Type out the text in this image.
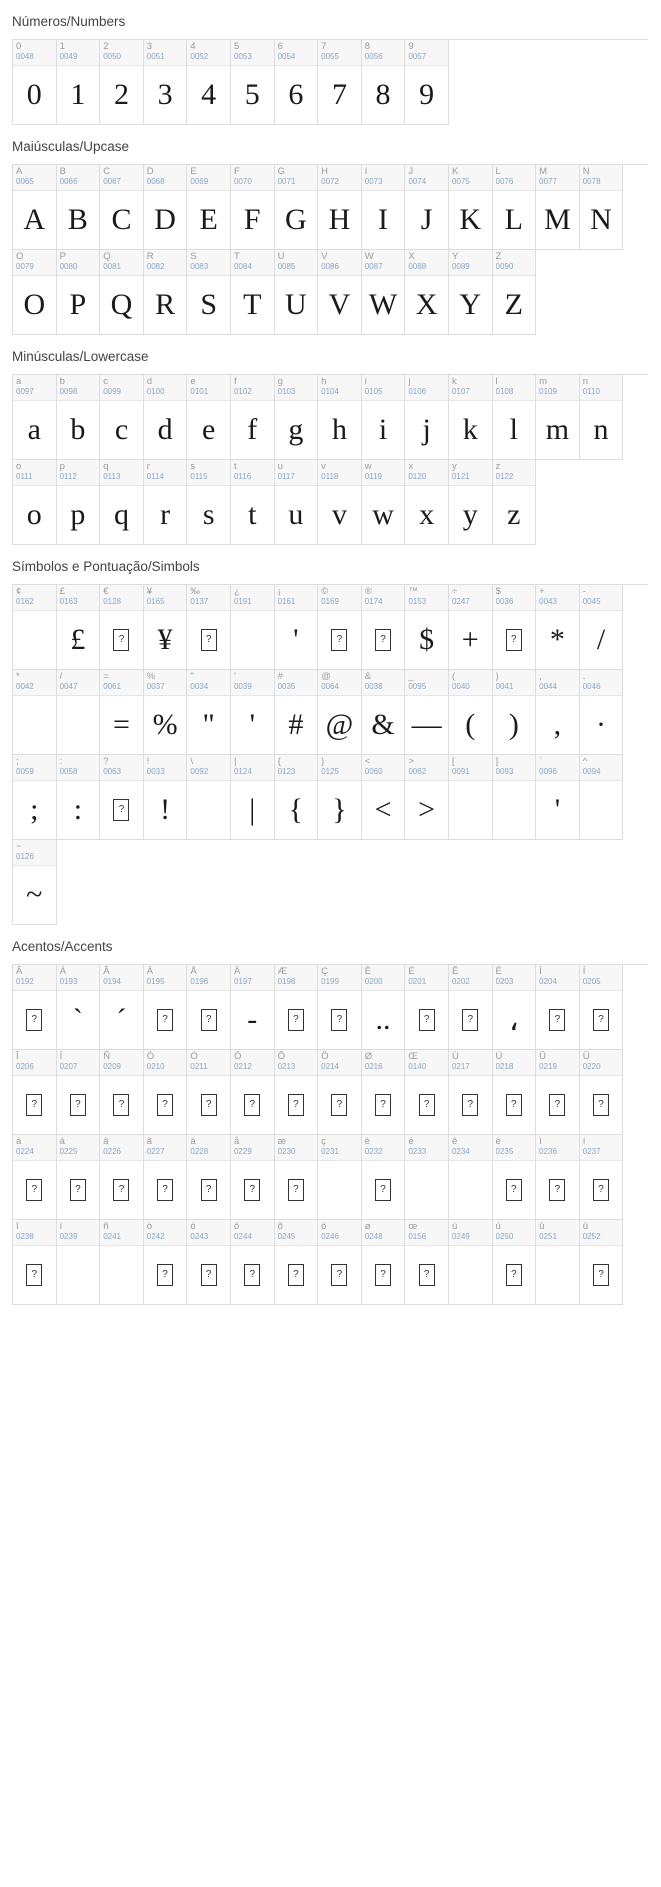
Números/Numbers
0
0048
0
1
0049
1
2
0050
2
3
0051
3
4
0052
4
5
0053
5
6
0054
6
7
0055
7
8
0056
8
9
0057
9
Maiúsculas/Upcase
A
0065
A
B
0066
B
C
0067
C
D
0068
D
E
0069
E
F
0070
F
G
0071
G
H
0072
H
I
0073
I
J
0074
J
K
0075
K
L
0076
L
M
0077
M
N
0078
N
O
0079
O
P
0080
P
Q
0081
Q
R
0082
R
S
0083
S
T
0084
T
U
0085
U
V
0086
V
W
0087
W
X
0088
X
Y
0089
Y
Z
0090
Z
Minúsculas/Lowercase
a
0097
a
b
0098
b
c
0099
c
d
0100
d
e
0101
e
f
0102
f
g
0103
g
h
0104
h
i
0105
i
j
0106
j
k
0107
k
l
0108
l
m
0109
m
n
0110
n
o
0111
o
p
0112
p
q
0113
q
r
0114
r
s
0115
s
t
0116
t
u
0117
u
v
0118
v
w
0119
w
x
0120
x
y
0121
y
z
0122
z
Símbolos e Pontuação/Simbols
¢
0162
£
0163
£
€
0128
?
¥
0165
¥
‰
0137
?
¿
0191
¡
0161
'
©
0169
?
®
0174
?
™
0153
$
÷
0247
+
$
0036
?
+
0043
*
-
0045
/
*
0042
/
0047
=
0061
=
%
0037
%
"
0034
"
'
0039
'
#
0035
#
@
0064
@
&
0038
&
_
0095
—
(
0040
(
)
0041
)
,
0044
,
.
0046
·
;
0059
;
:
0058
:
?
0063
?
!
0033
!
\
0092
|
0124
|
{
0123
{
}
0125
}
<
0060
<
>
0062
>
[
0091
]
0093
`
0096
'
^
0094
~
0126
~
Acentos/Accents
Â
0192
?
Á
0193
`
Ã
0194
´
Ä
0195
?
Å
0196
?
Ä
0197
-
Æ
0198
?
Ç
0199
?
È
0200
..
É
0201
?
Ê
0202
?
Ë
0203
،
Ì
0204
?
Í
0205
?
Î
0206
?
Ï
0207
?
Ñ
0209
?
Ò
0210
?
Ó
0211
?
Ô
0212
?
Õ
0213
?
Ö
0214
?
Ø
0216
?
Œ
0140
?
Ù
0217
?
Ú
0218
?
Û
0219
?
Ü
0220
?
à
0224
?
á
0225
?
â
0226
?
ã
0227
?
ä
0228
?
å
0229
?
æ
0230
?
ç
0231
è
0232
?
é
0233
ê
0234
ë
0235
?
ì
0236
?
í
0237
?
î
0238
?
ï
0239
ñ
0241
ò
0242
?
ó
0243
?
ô
0244
?
õ
0245
?
ö
0246
?
ø
0248
?
œ
0156
?
ù
0249
ú
0250
?
û
0251
ü
0252
?
